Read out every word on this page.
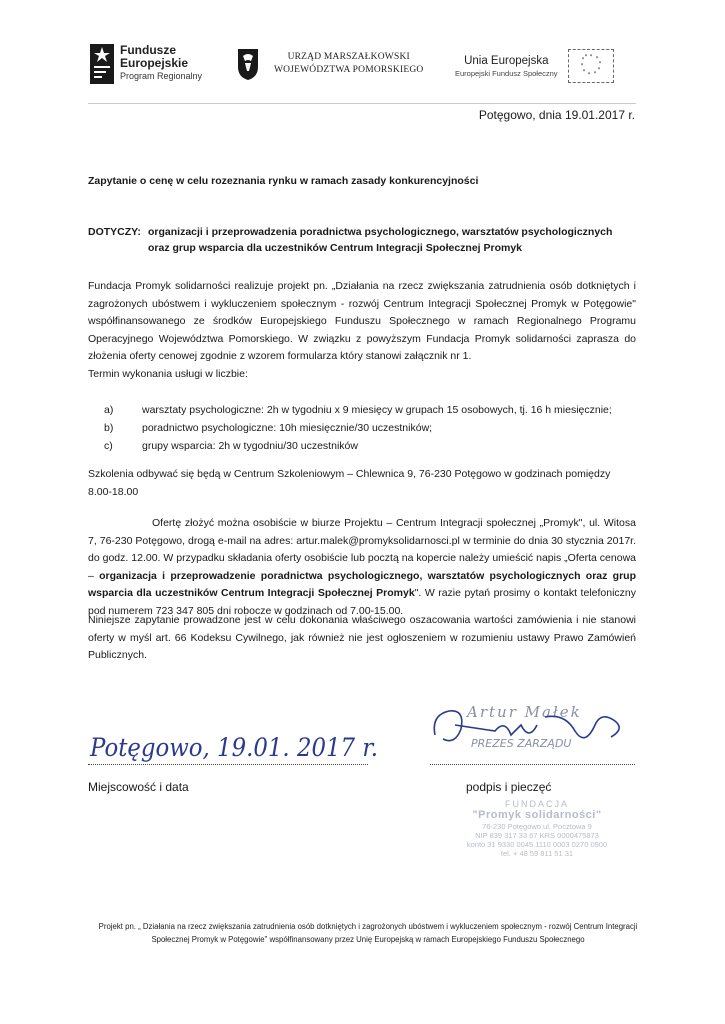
Fundusze
Europejskie
Program Regionalny
URZĄD MARSZAŁKOWSKI
WOJEWÓDZTWA POMORSKIEGO
Unia Europejska
Europejski Fundusz Społeczny
* *
*
*
*
*
*
*
* *
Potęgowo, dnia 19.01.2017 r.
Zapytanie o cenę w celu rozeznania rynku w ramach zasady konkurencyjności
DOTYCZY: organizacji i przeprowadzenia poradnictwa psychologicznego, warsztatów psychologicznych oraz grup wsparcia dla uczestników Centrum Integracji Społecznej Promyk
Fundacja Promyk solidarności realizuje projekt pn. „Działania na rzecz zwiększania zatrudnienia osób dotkniętych i zagrożonych ubóstwem i wykluczeniem społecznym - rozwój Centrum Integracji Społecznej Promyk w Potęgowie" współfinansowanego ze środków Europejskiego Funduszu Społecznego w ramach Regionalnego Programu Operacyjnego Województwa Pomorskiego. W związku z powyższym Fundacja Promyk solidarności zaprasza do złożenia oferty cenowej zgodnie z wzorem formularza który stanowi załącznik nr 1.
Termin wykonania usługi w liczbie:
a)	warsztaty psychologiczne: 2h w tygodniu x 9 miesięcy w grupach 15 osobowych, tj. 16 h miesięcznie;
b)	poradnictwo psychologiczne: 10h miesięcznie/30 uczestników;
c)	grupy wsparcia: 2h w tygodniu/30 uczestników
Szkolenia odbywać się będą w Centrum Szkoleniowym – Chlewnica 9, 76-230 Potęgowo w godzinach pomiędzy 8.00-18.00
Ofertę złożyć można osobiście w biurze Projektu – Centrum Integracji społecznej „Promyk", ul. Witosa 7, 76-230 Potęgowo, drogą e-mail na adres: artur.malek@promyksolidarnosci.pl w terminie do dnia 30 stycznia 2017r. do godz. 12.00. W przypadku składania oferty osobiście lub pocztą na kopercie należy umieścić napis „Oferta cenowa – organizacja i przeprowadzenie poradnictwa psychologicznego, warsztatów psychologicznych oraz grup wsparcia dla uczestników Centrum Integracji Społecznej Promyk". W razie pytań prosimy o kontakt telefoniczny pod numerem 723 347 805 dni robocze w godzinach od 7.00-15.00.
Niniejsze zapytanie prowadzone jest w celu dokonania właściwego oszacowania wartości zamówienia i nie stanowi oferty w myśl art. 66 Kodeksu Cywilnego, jak również nie jest ogłoszeniem w rozumieniu ustawy Prawo Zamówień Publicznych.
Potęgowo, 19.01. 2017 r.
Artur Małek
PREZES ZARZĄDU
Miejscowość i data	podpis i pieczęć
FUNDACJA
"Promyk solidarności"
76-230 Potęgowo ul. Pocztowa 9
NIP 839 317 33 67 KRS 0000475873
konto 31 9330 0045 1110 0003 0270 0900
tel. + 48 59 811 51 31
Projekt pn. „ Działania na rzecz zwiększania zatrudnienia osób dotkniętych i zagrożonych ubóstwem i wykluczeniem społecznym - rozwój Centrum Integracji Społecznej Promyk w Potęgowie" współfinansowany przez Unię Europejską w ramach Europejskiego Funduszu Społecznego
